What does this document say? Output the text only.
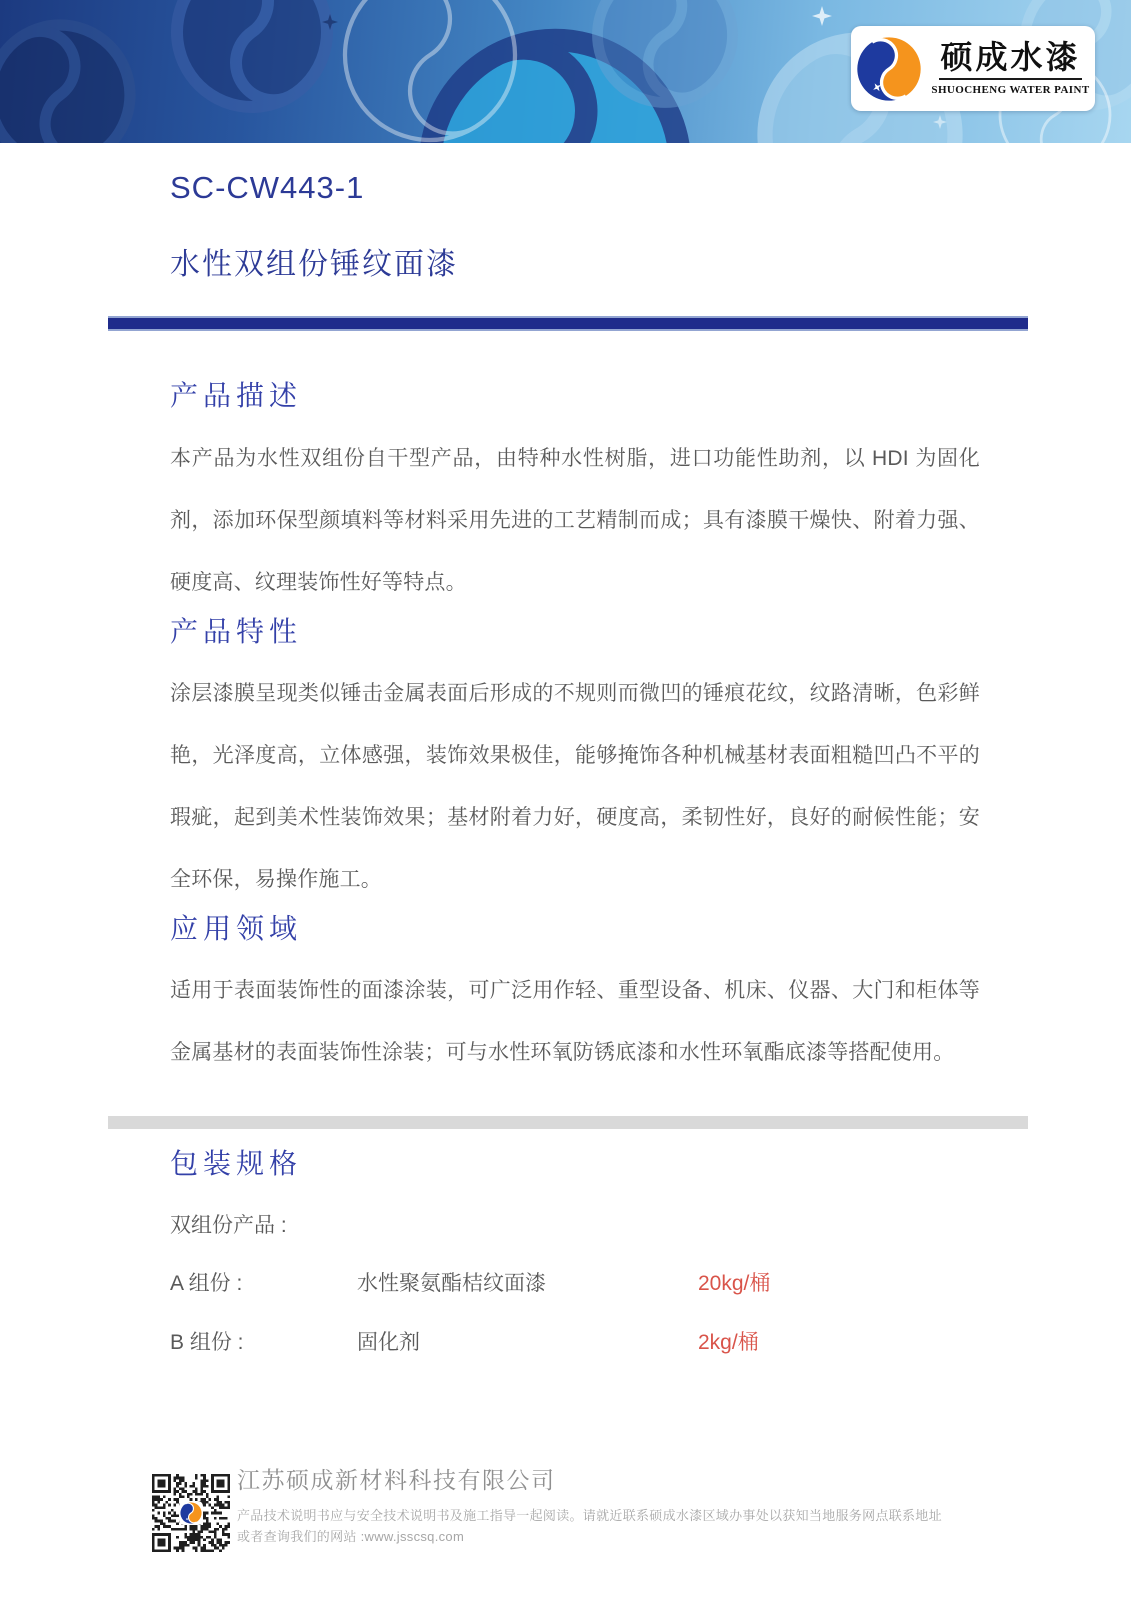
硕成水漆
SHUOCHENG WATER PAINT
SC-CW443-1
水性双组份锤纹面漆
产品描述

本产品为水性双组份自干型产品，由特种水性树脂，进口功能性助剂，以 HDI 为固化剂，添加环保型颜填料等材料采用先进的工艺精制而成；具有漆膜干燥快、附着力强、硬度高、纹理装饰性好等特点。

产品特性

涂层漆膜呈现类似锤击金属表面后形成的不规则而微凹的锤痕花纹，纹路清晰，色彩鲜艳，光泽度高，立体感强，装饰效果极佳，能够掩饰各种机械基材表面粗糙凹凸不平的瑕疵，起到美术性装饰效果；基材附着力好，硬度高，柔韧性好，良好的耐候性能；安全环保，易操作施工。

应用领域

适用于表面装饰性的面漆涂装，可广泛用作轻、重型设备、机床、仪器、大门和柜体等金属基材的表面装饰性涂装；可与水性环氧防锈底漆和水性环氧酯底漆等搭配使用。

包装规格

双组份产品 :

A 组份 :	水性聚氨酯桔纹面漆	20kg/桶
B 组份 :	固化剂	2kg/桶
江苏硕成新材料科技有限公司

产品技术说明书应与安全技术说明书及施工指导一起阅读。请就近联系硕成水漆区域办事处以获知当地服务网点联系地址
或者查询我们的网站 :www.jsscsq.com
